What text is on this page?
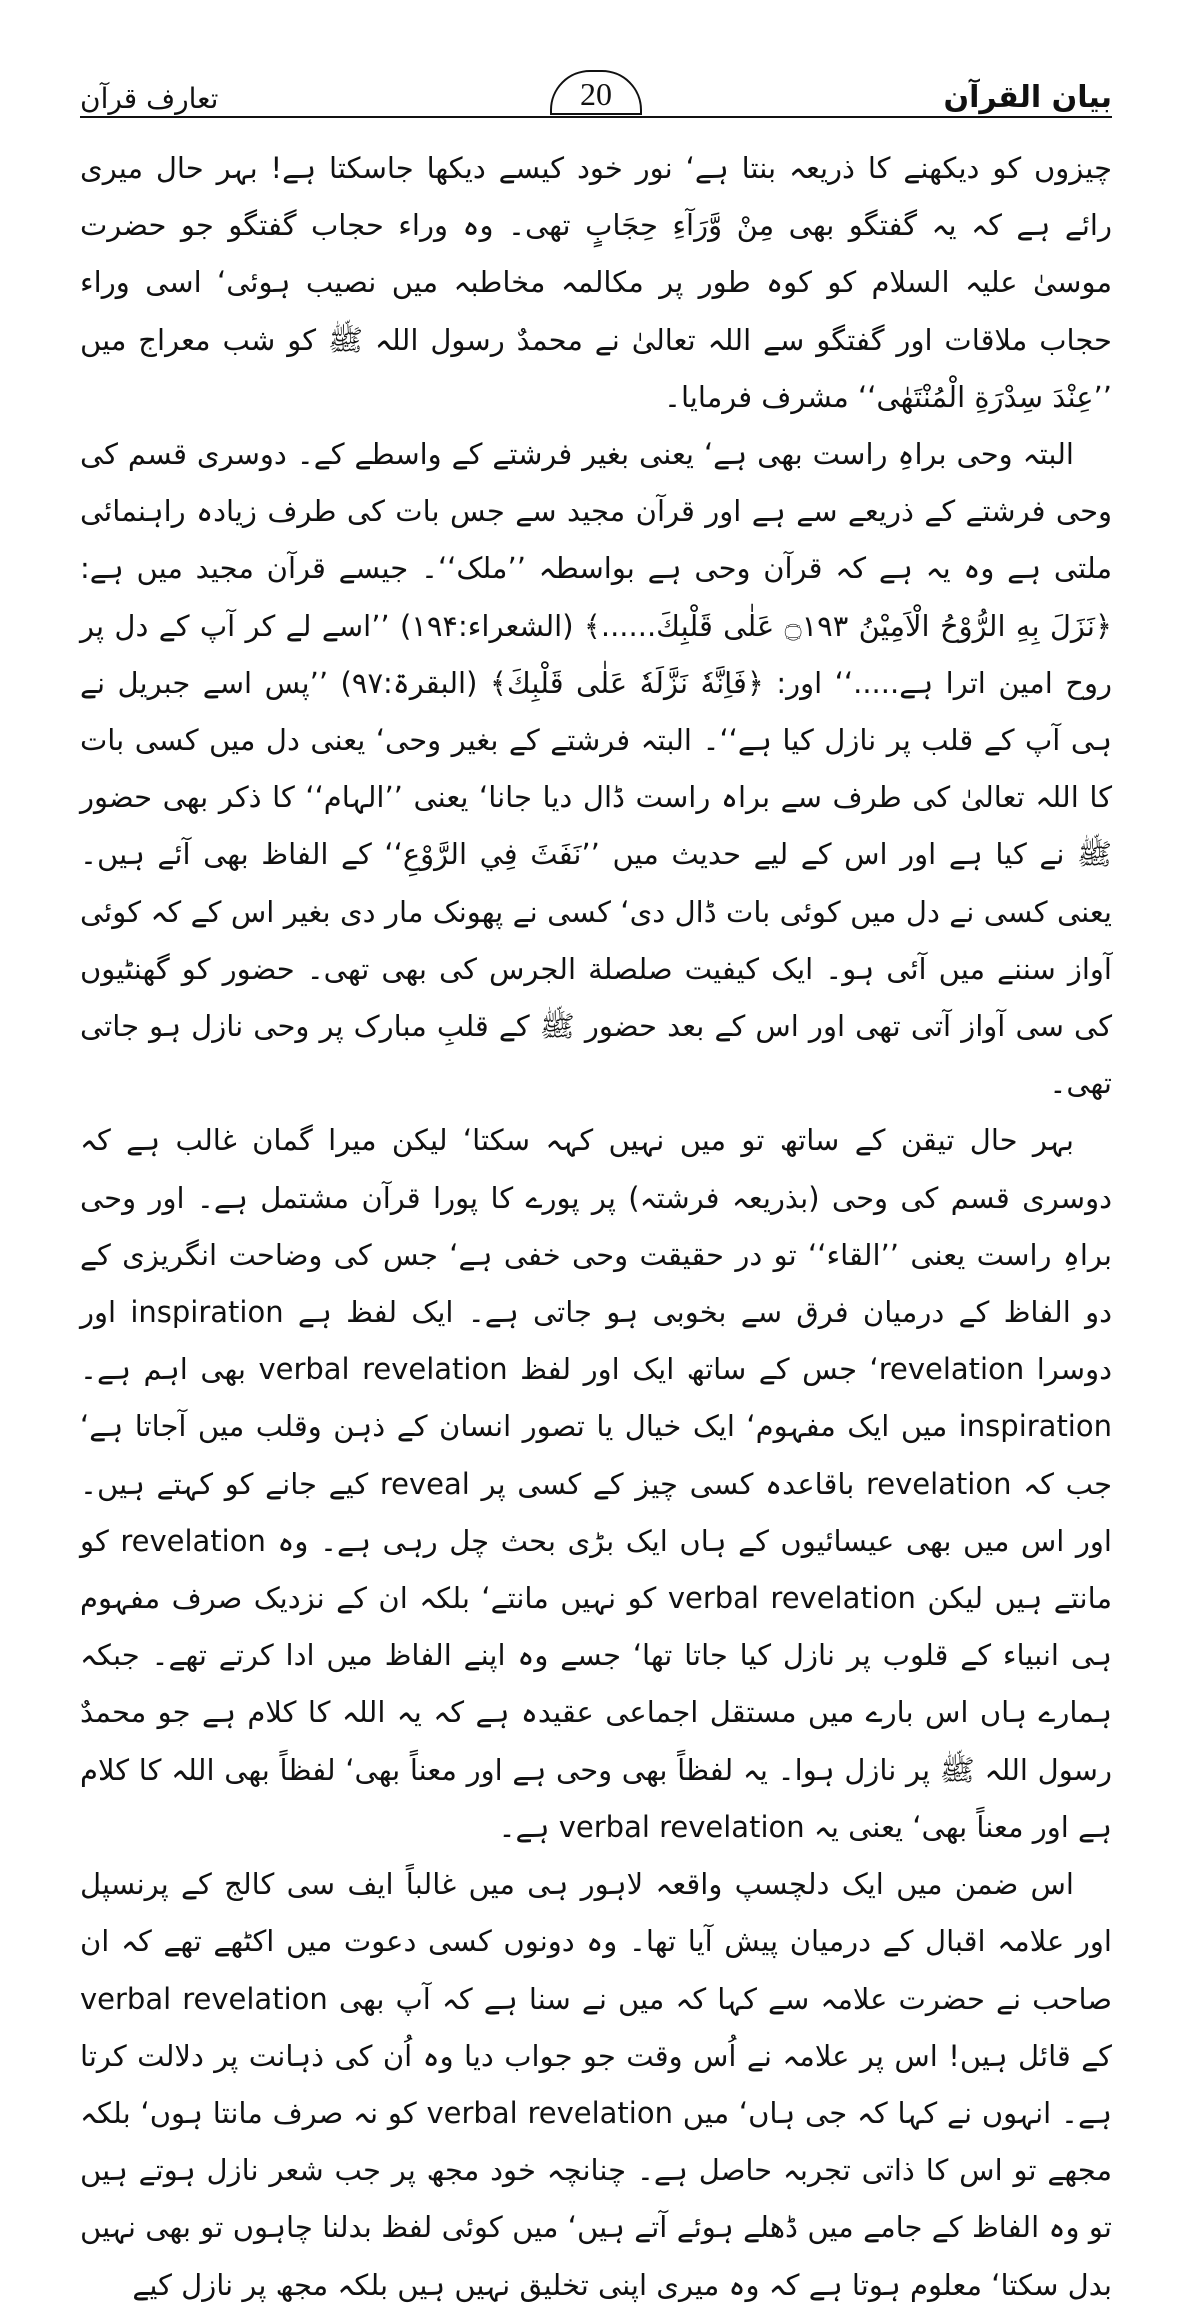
بیان القرآن
20
تعارف قرآن

چیزوں کو دیکھنے کا ذریعہ بنتا ہے‘ نور خود کیسے دیکھا جاسکتا ہے! بہر حال میری رائے ہے کہ یہ گفتگو بھی مِنْ وَّرَآءِ حِجَابٍ تھی۔ وہ وراء حجاب گفتگو جو حضرت موسیٰ علیہ السلام کو کوہ طور پر مکالمہ مخاطبہ میں نصیب ہوئی‘ اسی وراء حجاب ملاقات اور گفتگو سے اللہ تعالیٰ نے محمدٌ رسول اللہ ﷺ کو شب معراج میں ’’عِنْدَ سِدْرَةِ الْمُنْتَهٰی‘‘ مشرف فرمایا۔

البتہ وحی براہِ راست بھی ہے‘ یعنی بغیر فرشتے کے واسطے کے۔ دوسری قسم کی وحی فرشتے کے ذریعے سے ہے اور قرآن مجید سے جس بات کی طرف زیادہ راہنمائی ملتی ہے وہ یہ ہے کہ قرآن وحی ہے بواسطہ ’’ملک‘‘۔ جیسے قرآن مجید میں ہے: ﴿نَزَلَ بِهِ الرُّوْحُ الْاَمِيْنُ ۝۱۹۳ عَلٰى قَلْبِكَ......﴾ (الشعراء:۱۹۴) ’’اسے لے کر آپ کے دل پر روح امین اترا ہے.....‘‘ اور: ﴿فَاِنَّهٗ نَزَّلَهٗ عَلٰى قَلْبِكَ﴾ (البقرۃ:۹۷) ’’پس اسے جبریل نے ہی آپ کے قلب پر نازل کیا ہے‘‘۔ البتہ فرشتے کے بغیر وحی‘ یعنی دل میں کسی بات کا اللہ تعالیٰ کی طرف سے براہ راست ڈال دیا جانا‘ یعنی ’’الہام‘‘ کا ذکر بھی حضور ﷺ نے کیا ہے اور اس کے لیے حدیث میں ’’نَفَثَ فِي الرَّوْعِ‘‘ کے الفاظ بھی آئے ہیں۔ یعنی کسی نے دل میں کوئی بات ڈال دی‘ کسی نے پھونک مار دی بغیر اس کے کہ کوئی آواز سننے میں آئی ہو۔ ایک کیفیت صلصلة الجرس کی بھی تھی۔ حضور کو گھنٹیوں کی سی آواز آتی تھی اور اس کے بعد حضور ﷺ کے قلبِ مبارک پر وحی نازل ہو جاتی تھی۔

بہر حال تیقن کے ساتھ تو میں نہیں کہہ سکتا‘ لیکن میرا گمان غالب ہے کہ دوسری قسم کی وحی (بذریعہ فرشتہ) پر پورے کا پورا قرآن مشتمل ہے۔ اور وحی براہِ راست یعنی ’’القاء‘‘ تو در حقیقت وحی خفی ہے‘ جس کی وضاحت انگریزی کے دو الفاظ کے درمیان فرق سے بخوبی ہو جاتی ہے۔ ایک لفظ ہے inspiration اور دوسرا revelation‘ جس کے ساتھ ایک اور لفظ verbal revelation بھی اہم ہے۔ inspiration میں ایک مفہوم‘ ایک خیال یا تصور انسان کے ذہن وقلب میں آجاتا ہے‘ جب کہ revelation باقاعدہ کسی چیز کے کسی پر reveal کیے جانے کو کہتے ہیں۔ اور اس میں بھی عیسائیوں کے ہاں ایک بڑی بحث چل رہی ہے۔ وہ revelation کو مانتے ہیں لیکن verbal revelation کو نہیں مانتے‘ بلکہ ان کے نزدیک صرف مفہوم ہی انبیاء کے قلوب پر نازل کیا جاتا تھا‘ جسے وہ اپنے الفاظ میں ادا کرتے تھے۔ جبکہ ہمارے ہاں اس بارے میں مستقل اجماعی عقیدہ ہے کہ یہ اللہ کا کلام ہے جو محمدٌ رسول اللہ ﷺ پر نازل ہوا۔ یہ لفظاً بھی وحی ہے اور معناً بھی‘ لفظاً بھی اللہ کا کلام ہے اور معناً بھی‘ یعنی یہ verbal revelation ہے۔

اس ضمن میں ایک دلچسپ واقعہ لاہور ہی میں غالباً ایف سی کالج کے پرنسپل اور علامہ اقبال کے درمیان پیش آیا تھا۔ وہ دونوں کسی دعوت میں اکٹھے تھے کہ ان صاحب نے حضرت علامہ سے کہا کہ میں نے سنا ہے کہ آپ بھی verbal revelation کے قائل ہیں! اس پر علامہ نے اُس وقت جو جواب دیا وہ اُن کی ذہانت پر دلالت کرتا ہے۔ انہوں نے کہا کہ جی ہاں‘ میں verbal revelation کو نہ صرف مانتا ہوں‘ بلکہ مجھے تو اس کا ذاتی تجربہ حاصل ہے۔ چنانچہ خود مجھ پر جب شعر نازل ہوتے ہیں تو وہ الفاظ کے جامے میں ڈھلے ہوئے آتے ہیں‘ میں کوئی لفظ بدلنا چاہوں تو بھی نہیں بدل سکتا‘ معلوم ہوتا ہے کہ وہ میری اپنی تخلیق نہیں ہیں بلکہ مجھ پر نازل کیے
